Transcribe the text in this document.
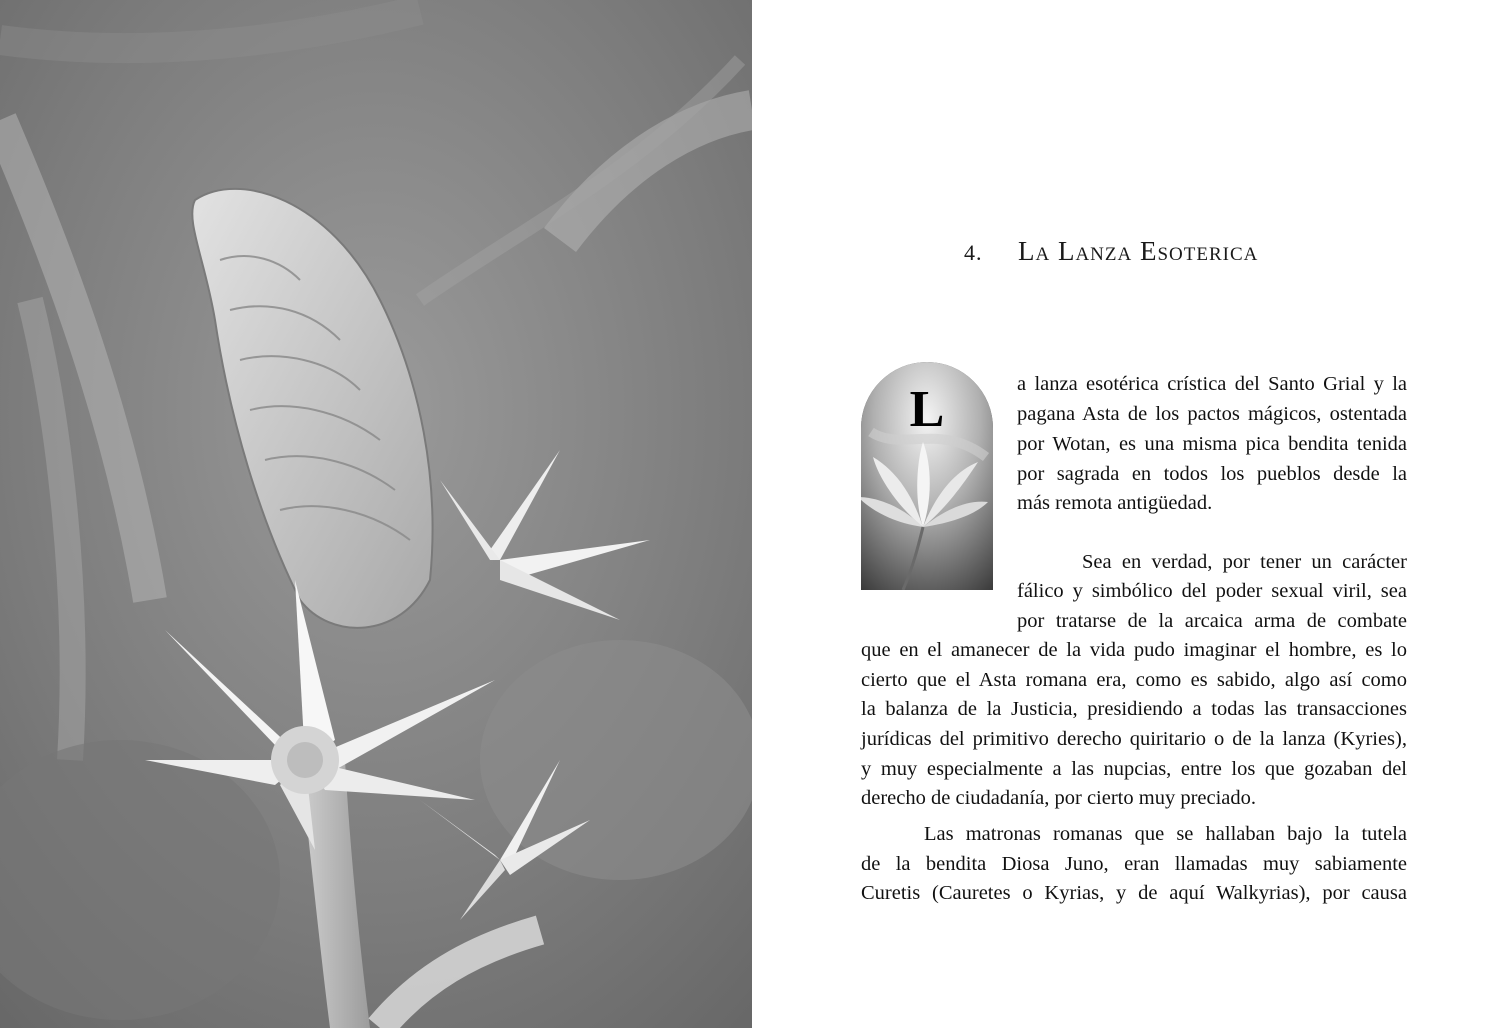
4. La Lanza Esoterica
L	a lanza esotérica crística del Santo Grial y la
pagana Asta de los pactos mágicos, ostentada
por Wotan, es una misma pica bendita tenida
por sagrada en todos los pueblos desde la
más remota antigüedad.
Sea en verdad, por tener un carácter
fálico y simbólico del poder sexual viril, sea
por tratarse de la arcaica arma de combate
que en el amanecer de la vida pudo imaginar el hombre, es lo
cierto que el Asta romana era, como es sabido, algo así como
la balanza de la Justicia, presidiendo a todas las transacciones
jurídicas del primitivo derecho quiritario o de la lanza (Kyries),
y muy especialmente a las nupcias, entre los que gozaban del
derecho de ciudadanía, por cierto muy preciado.
Las matronas romanas que se hallaban bajo la tutela
de la bendita Diosa Juno, eran llamadas muy sabiamente
Curetis (Cauretes o Kyrias, y de aquí Walkyrias), por causa
